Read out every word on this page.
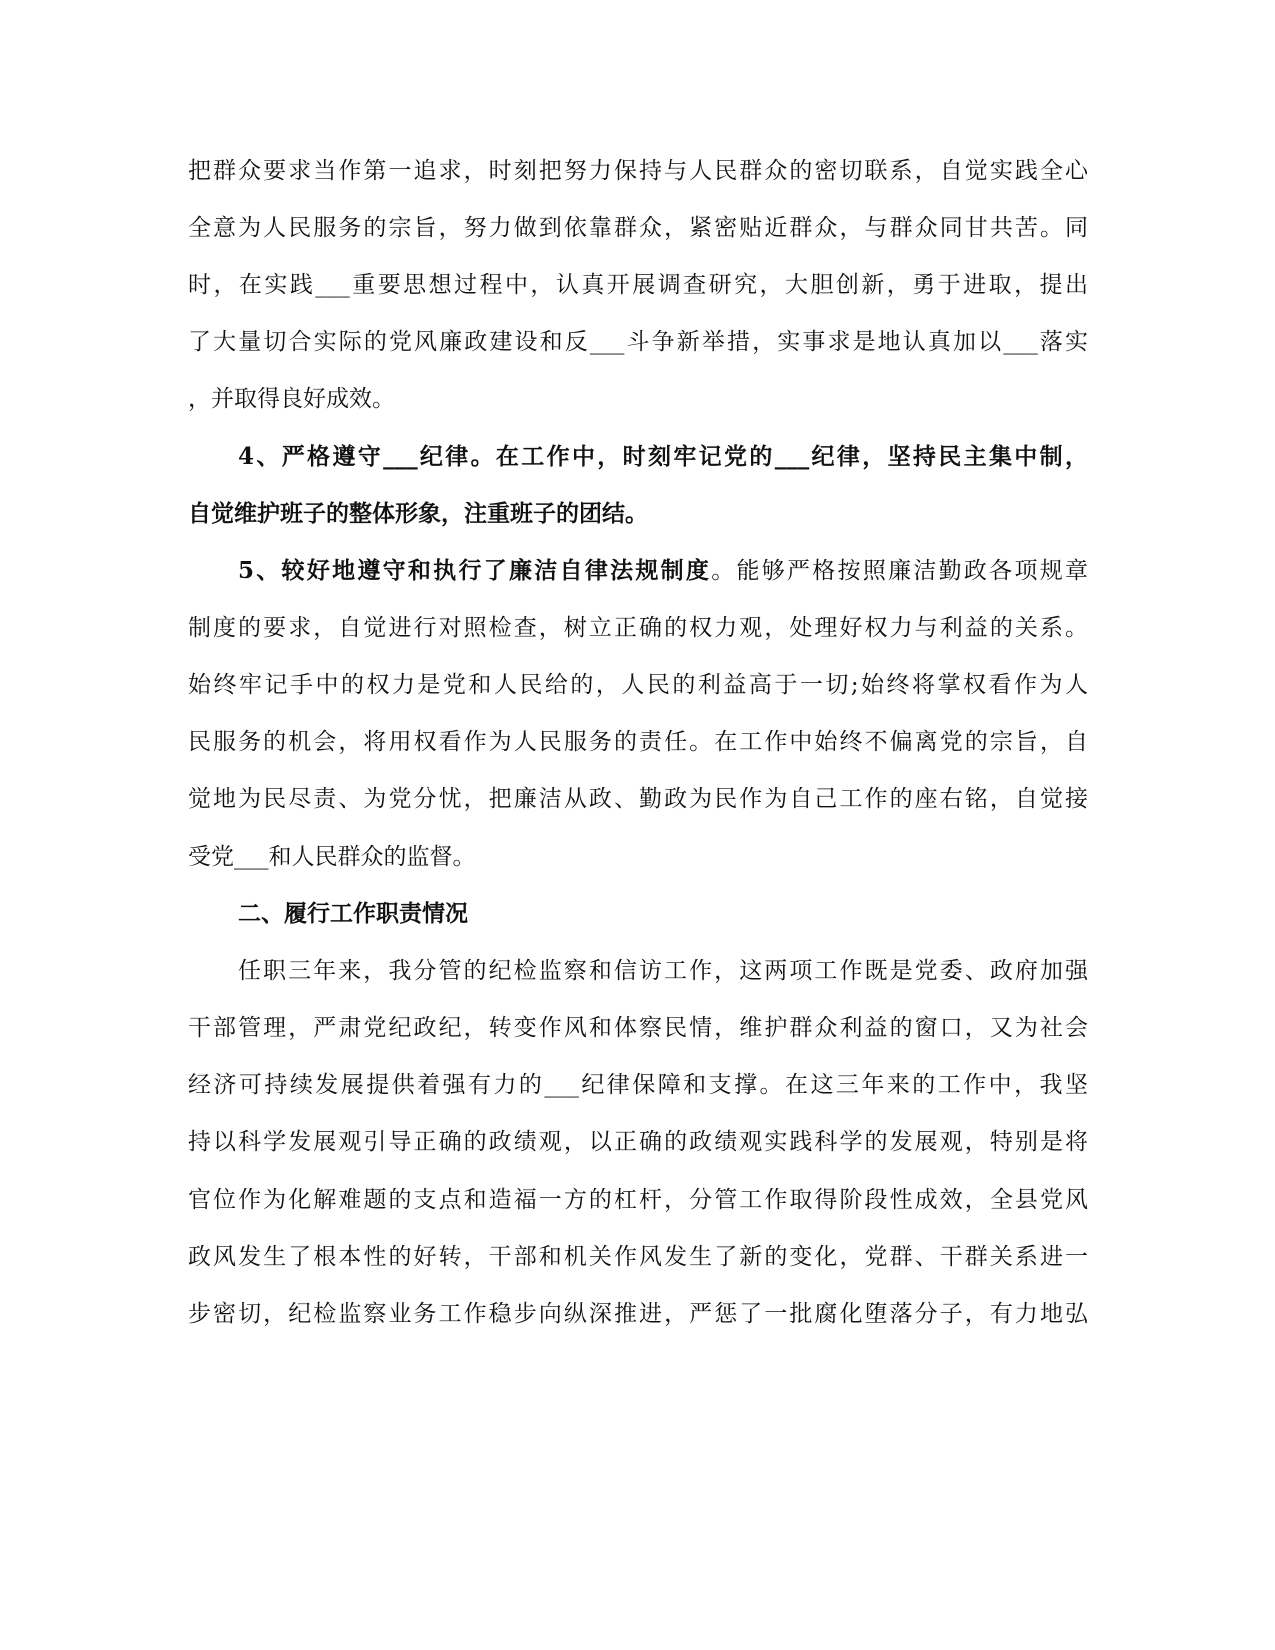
把群众要求当作第一追求，时刻把努力保持与人民群众的密切联系，自觉实践全心
全意为人民服务的宗旨，努力做到依靠群众，紧密贴近群众，与群众同甘共苦。同
时，在实践___重要思想过程中，认真开展调查研究，大胆创新，勇于进取，提出
了大量切合实际的党风廉政建设和反___斗争新举措，实事求是地认真加以___落实
，并取得良好成效。
4、严格遵守___纪律。在工作中，时刻牢记党的___纪律，坚持民主集中制，
自觉维护班子的整体形象，注重班子的团结。
5、较好地遵守和执行了廉洁自律法规制度。能够严格按照廉洁勤政各项规章
制度的要求，自觉进行对照检查，树立正确的权力观，处理好权力与利益的关系。
始终牢记手中的权力是党和人民给的，人民的利益高于一切;始终将掌权看作为人
民服务的机会，将用权看作为人民服务的责任。在工作中始终不偏离党的宗旨，自
觉地为民尽责、为党分忧，把廉洁从政、勤政为民作为自己工作的座右铭，自觉接
受党___和人民群众的监督。
二、履行工作职责情况
任职三年来，我分管的纪检监察和信访工作，这两项工作既是党委、政府加强
干部管理，严肃党纪政纪，转变作风和体察民情，维护群众利益的窗口，又为社会
经济可持续发展提供着强有力的___纪律保障和支撑。在这三年来的工作中，我坚
持以科学发展观引导正确的政绩观，以正确的政绩观实践科学的发展观，特别是将
官位作为化解难题的支点和造福一方的杠杆，分管工作取得阶段性成效，全县党风
政风发生了根本性的好转，干部和机关作风发生了新的变化，党群、干群关系进一
步密切，纪检监察业务工作稳步向纵深推进，严惩了一批腐化堕落分子，有力地弘
